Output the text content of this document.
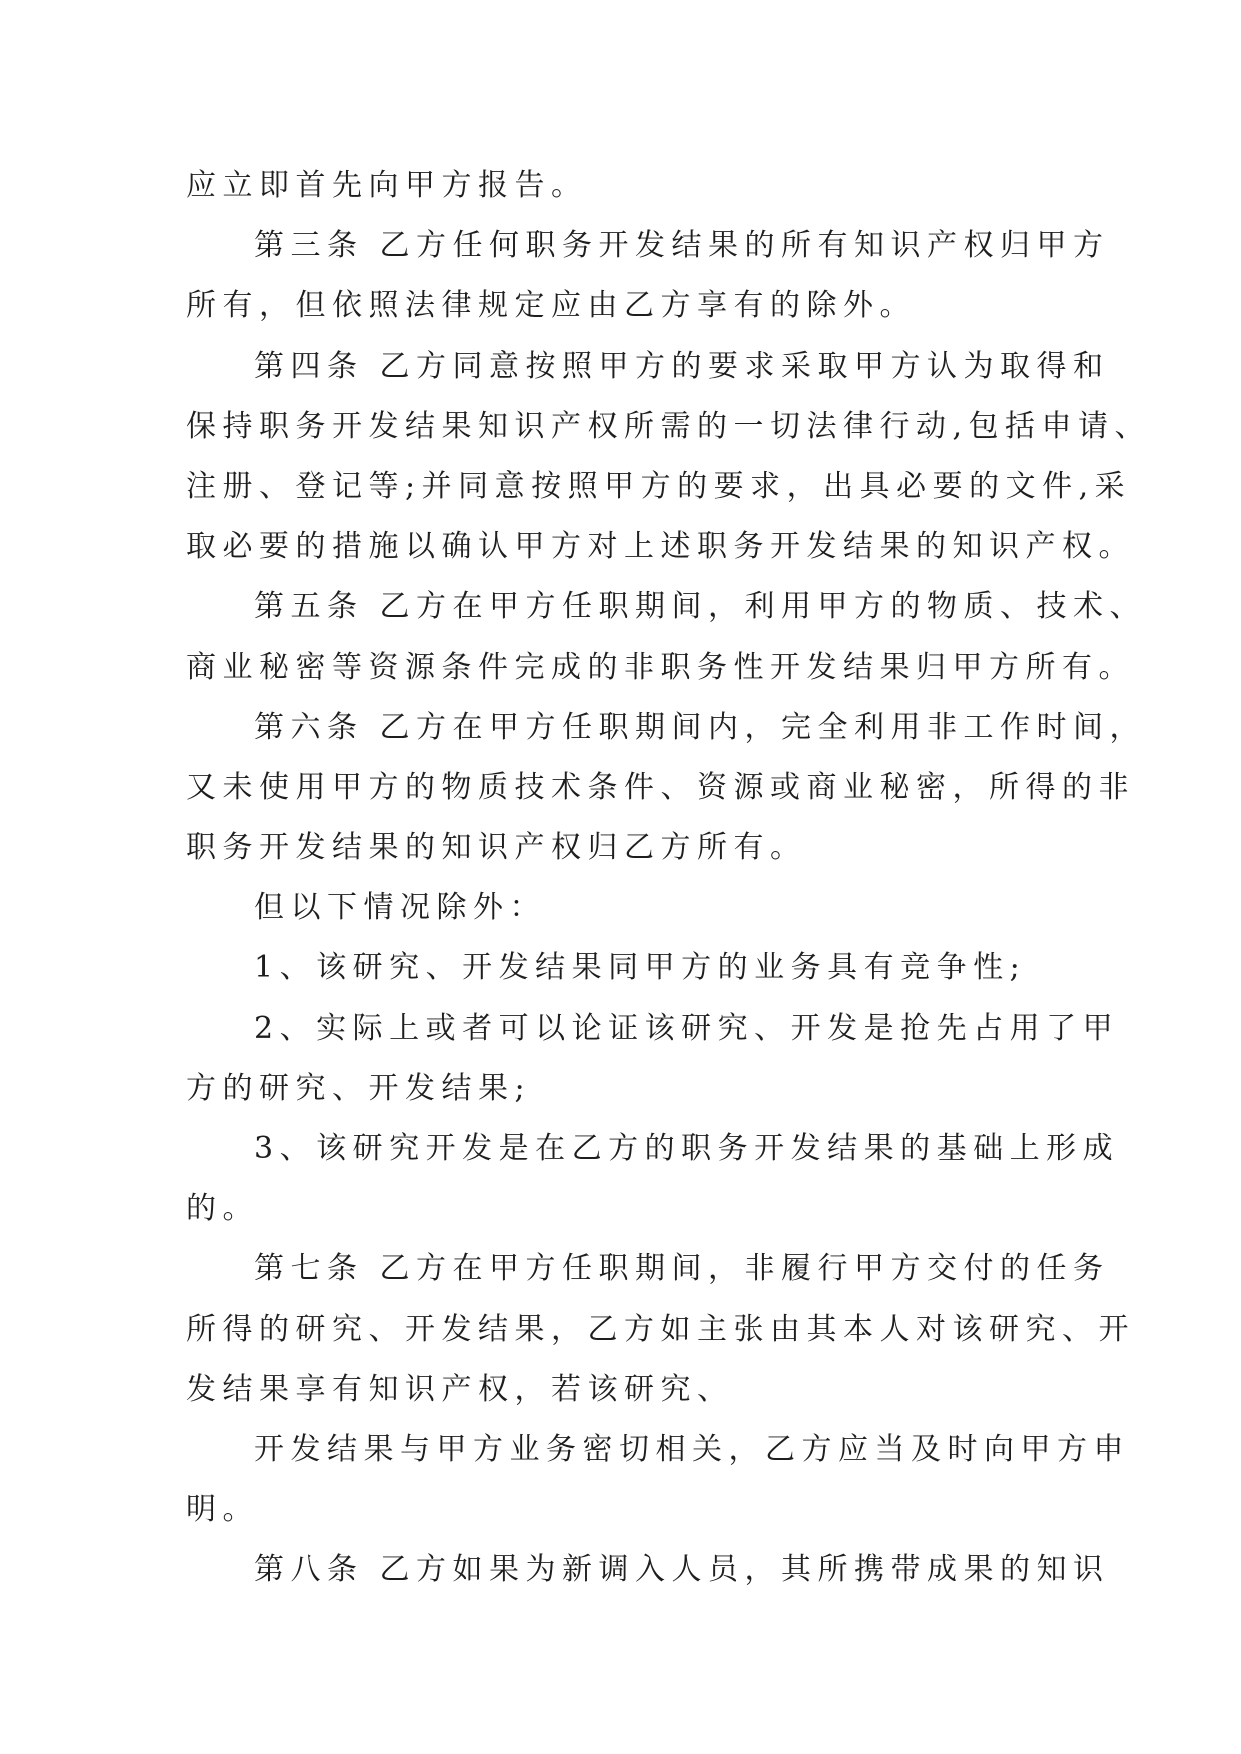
应立即首先向甲方报告。
第三条 乙方任何职务开发结果的所有知识产权归甲方
所有，但依照法律规定应由乙方享有的除外。
第四条 乙方同意按照甲方的要求采取甲方认为取得和
保持职务开发结果知识产权所需的一切法律行动,包括申请、
注册、登记等;并同意按照甲方的要求，出具必要的文件,采
取必要的措施以确认甲方对上述职务开发结果的知识产权。
第五条 乙方在甲方任职期间，利用甲方的物质、技术、
商业秘密等资源条件完成的非职务性开发结果归甲方所有。
第六条 乙方在甲方任职期间内，完全利用非工作时间，
又未使用甲方的物质技术条件、资源或商业秘密，所得的非
职务开发结果的知识产权归乙方所有。
但以下情况除外：
1、该研究、开发结果同甲方的业务具有竞争性;
2、实际上或者可以论证该研究、开发是抢先占用了甲
方的研究、开发结果;
3、该研究开发是在乙方的职务开发结果的基础上形成
的。
第七条 乙方在甲方任职期间，非履行甲方交付的任务
所得的研究、开发结果，乙方如主张由其本人对该研究、开
发结果享有知识产权，若该研究、
开发结果与甲方业务密切相关，乙方应当及时向甲方申
明。
第八条 乙方如果为新调入人员，其所携带成果的知识
